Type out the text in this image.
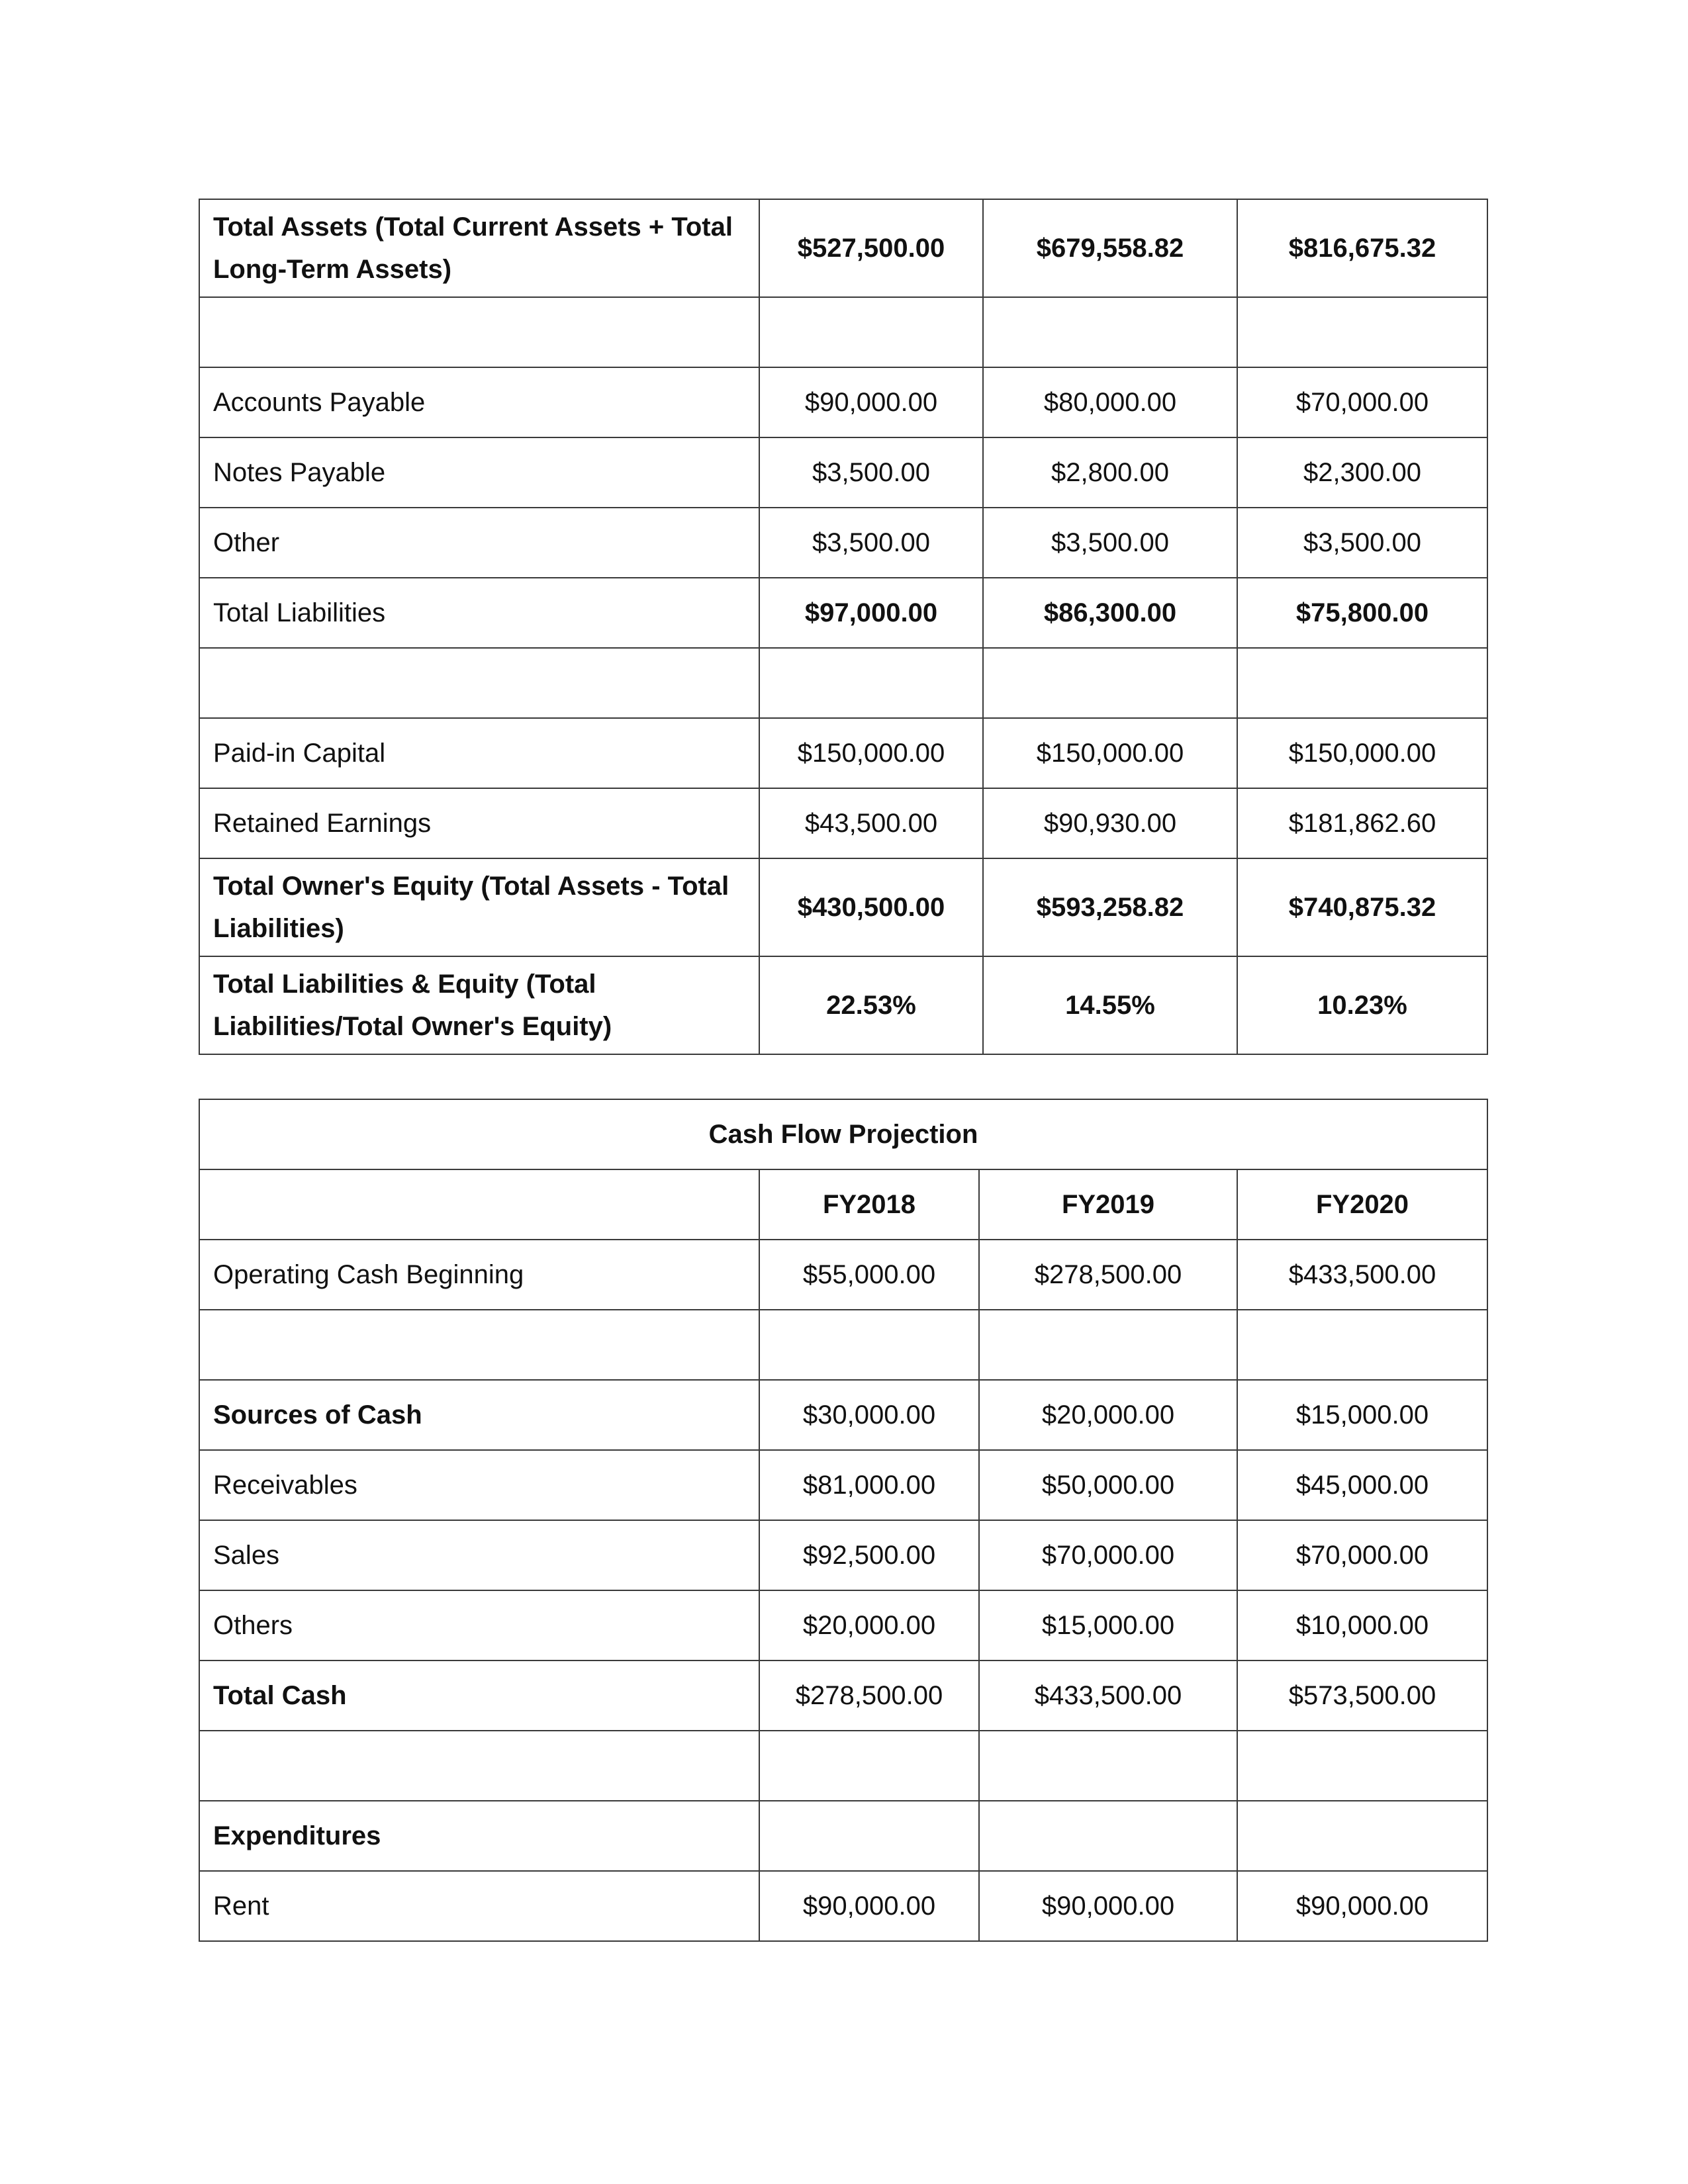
Total Assets (Total Current Assets + Total Long-Term Assets)	$527,500.00	$679,558.82	$816,675.32

Accounts Payable	$90,000.00	$80,000.00	$70,000.00
Notes Payable	$3,500.00	$2,800.00	$2,300.00
Other	$3,500.00	$3,500.00	$3,500.00
Total Liabilities	$97,000.00	$86,300.00	$75,800.00

Paid-in Capital	$150,000.00	$150,000.00	$150,000.00
Retained Earnings	$43,500.00	$90,930.00	$181,862.60
Total Owner's Equity (Total Assets - Total Liabilities)	$430,500.00	$593,258.82	$740,875.32
Total Liabilities & Equity (Total Liabilities/Total Owner's Equity)	22.53%	14.55%	10.23%
Cash Flow Projection			
	FY2018	FY2019	FY2020
Operating Cash Beginning	$55,000.00	$278,500.00	$433,500.00

Sources of Cash	$30,000.00	$20,000.00	$15,000.00
Receivables	$81,000.00	$50,000.00	$45,000.00
Sales	$92,500.00	$70,000.00	$70,000.00
Others	$20,000.00	$15,000.00	$10,000.00
Total Cash	$278,500.00	$433,500.00	$573,500.00

Expenditures			
Rent	$90,000.00	$90,000.00	$90,000.00
